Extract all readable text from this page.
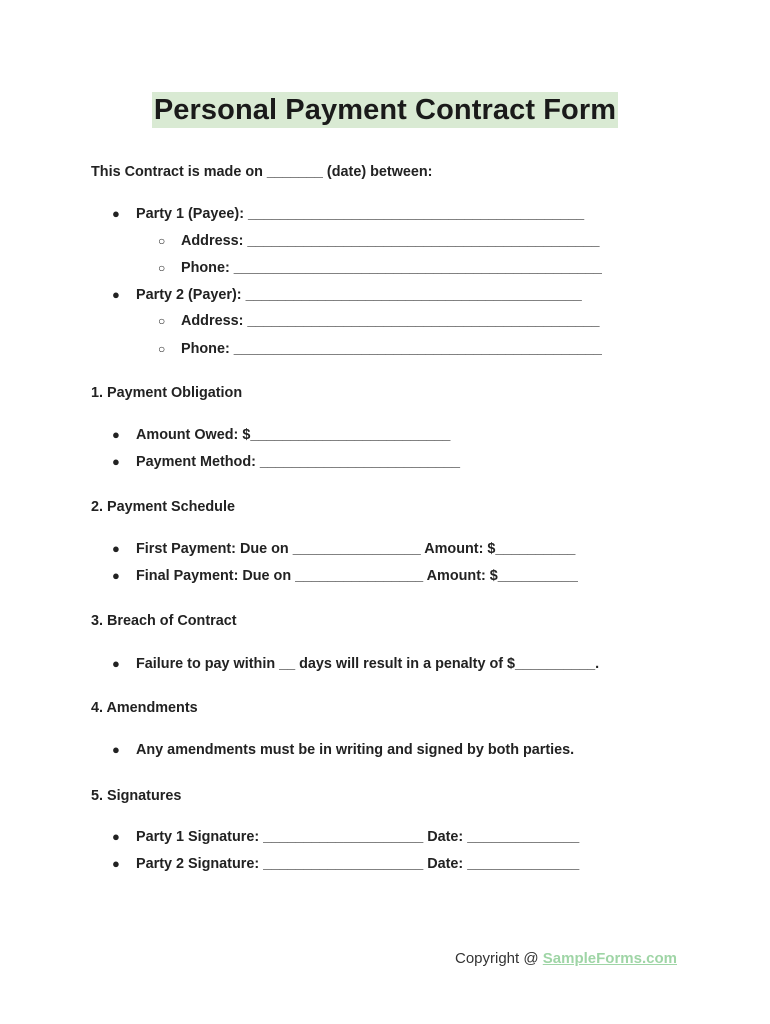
Personal Payment Contract Form
This Contract is made on _______ (date) between:
● Party 1 (Payee): __________________________________________
○ Address: ____________________________________________
○ Phone: ______________________________________________
● Party 2 (Payer): __________________________________________
○ Address: ____________________________________________
○ Phone: ______________________________________________
1. Payment Obligation
● Amount Owed: $_________________________
● Payment Method: _________________________
2. Payment Schedule
● First Payment: Due on ________________ Amount: $__________
● Final Payment: Due on ________________ Amount: $__________
3. Breach of Contract
● Failure to pay within __ days will result in a penalty of $__________.
4. Amendments
● Any amendments must be in writing and signed by both parties.
5. Signatures
● Party 1 Signature: ____________________ Date: ______________
● Party 2 Signature: ____________________ Date: ______________
Copyright @ SampleForms.com
